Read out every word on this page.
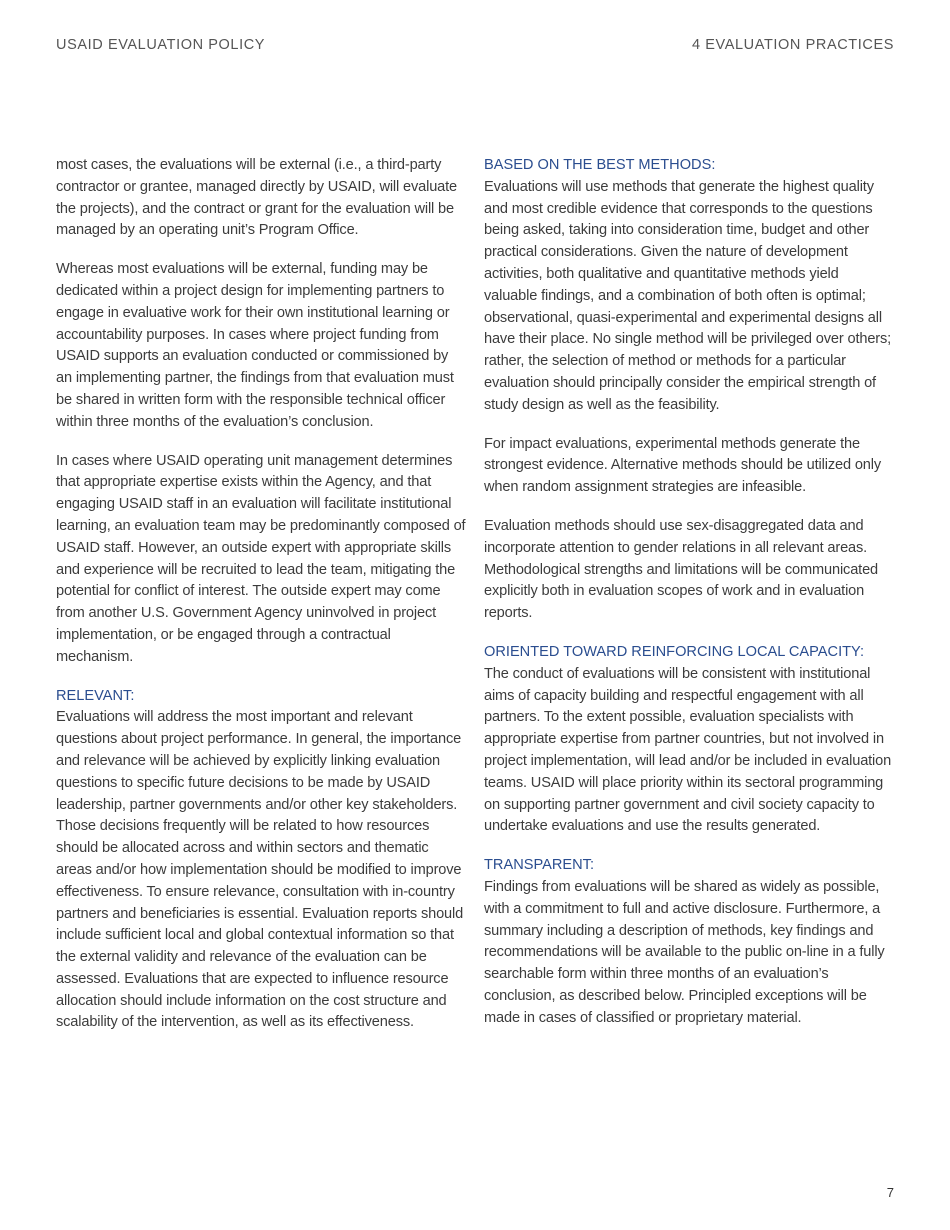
USAID EVALUATION POLICY	4 EVALUATION PRACTICES

most cases, the evaluations will be external (i.e., a third-party contractor or grantee, managed directly by USAID, will evaluate the projects), and the contract or grant for the evaluation will be managed by an operating unit’s Program Office.

Whereas most evaluations will be external, funding may be dedicated within a project design for implementing partners to engage in evaluative work for their own institutional learning or accountability purposes. In cases where project funding from USAID supports an evaluation conducted or commissioned by an implementing partner, the findings from that evaluation must be shared in written form with the responsible technical officer within three months of the evaluation’s conclusion.

In cases where USAID operating unit management determines that appropriate expertise exists within the Agency, and that engaging USAID staff in an evaluation will facilitate institutional learning, an evaluation team may be predominantly composed of USAID staff. However, an outside expert with appropriate skills and experience will be recruited to lead the team, mitigating the potential for conflict of interest. The outside expert may come from another U.S. Government Agency uninvolved in project implementation, or be engaged through a contractual mechanism.

RELEVANT:

Evaluations will address the most important and relevant questions about project performance. In general, the importance and relevance will be achieved by explicitly linking evaluation questions to specific future decisions to be made by USAID leadership, partner governments and/or other key stakeholders. Those decisions frequently will be related to how resources should be allocated across and within sectors and thematic areas and/or how implementation should be modified to improve effectiveness. To ensure relevance, consultation with in-country partners and beneficiaries is essential. Evaluation reports should include sufficient local and global contextual information so that the external validity and relevance of the evaluation can be assessed. Evaluations that are expected to influence resource allocation should include information on the cost structure and scalability of the intervention, as well as its effectiveness.

BASED ON THE BEST METHODS:

Evaluations will use methods that generate the highest quality and most credible evidence that corresponds to the questions being asked, taking into consideration time, budget and other practical considerations. Given the nature of development activities, both qualitative and quantitative methods yield valuable findings, and a combination of both often is optimal; observational, quasi-experimental and experimental designs all have their place. No single method will be privileged over others; rather, the selection of method or methods for a particular evaluation should principally consider the empirical strength of study design as well as the feasibility.

For impact evaluations, experimental methods generate the strongest evidence. Alternative methods should be utilized only when random assignment strategies are infeasible.

Evaluation methods should use sex-disaggregated data and incorporate attention to gender relations in all relevant areas. Methodological strengths and limitations will be communicated explicitly both in evaluation scopes of work and in evaluation reports.

ORIENTED TOWARD REINFORCING LOCAL CAPACITY:

The conduct of evaluations will be consistent with institutional aims of capacity building and respectful engagement with all partners. To the extent possible, evaluation specialists with appropriate expertise from partner countries, but not involved in project implementation, will lead and/or be included in evaluation teams. USAID will place priority within its sectoral programming on supporting partner government and civil society capacity to undertake evaluations and use the results generated.

TRANSPARENT:

Findings from evaluations will be shared as widely as possible, with a commitment to full and active disclosure. Furthermore, a summary including a description of methods, key findings and recommendations will be available to the public on-line in a fully searchable form within three months of an evaluation’s conclusion, as described below. Principled exceptions will be made in cases of classified or proprietary material.

7
